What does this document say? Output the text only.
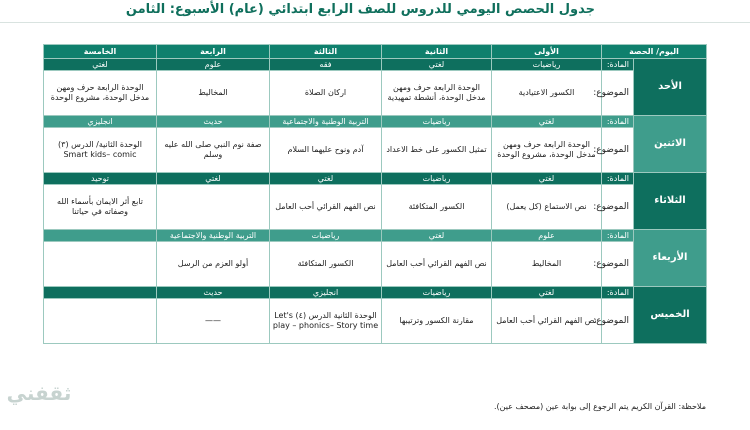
جدول الحصص اليومي للدروس للصف الرابع ابتدائي (عام) الأسبوع: الثامن
اليوم/ الحصة		الأولى	الثانية	الثالثة	الرابعة	الخامسة
الأحد	المادة:	رياضيات	لغتي	فقه	علوم	لغتي
	الموضوع:	الكسور الاعتيادية	الوحدة الرابعة حرف ومهن مدخل الوحدة، أنشطة تمهيدية	اركان الصلاة	المخاليط	الوحدة الرابعة حرف ومهن مدخل الوحدة، مشروع الوحدة
الاثنين	المادة:	لغتي	رياضيات	التربية الوطنية والاجتماعية	حديث	انجليزي
	الموضوع:	الوحدة الرابعة حرف ومهن مدخل الوحدة، مشروع الوحدة	تمثيل الكسور على خط الاعداد	آدم ونوح عليهما السلام	صفة نوم النبي صلى الله عليه وسلم	الوحدة الثانية/ الدرس (٣) Smart kids– comic
الثلاثاء	المادة:	لغتي	رياضيات	لغتي	لغتي	توحيد
	الموضوع:	نص الاستماع (كل يعمل)	الكسور المتكافئة	نص الفهم القرائي أحب العامل		تابع أثر الايمان بأسماء الله وصفاته في حياتنا
الأربعاء	المادة:	علوم	لغتي	رياضيات	التربية الوطنية والاجتماعية	
	الموضوع:	المخاليط	نص الفهم القرائي أحب العامل	الكسور المتكافئة	أولو العزم من الرسل	
الخميس	المادة:	لغتي	رياضيات	انجليزي	حديث	
	الموضوع:	نص الفهم القرائي أحب العامل	مقارنة الكسور وترتيبها	الوحدة الثانية الدرس (٤) Let's play – phonics– Story time	——	
ملاحظة: القرآن الكريم يتم الرجوع إلى بوابة عين (مصحف عين).
ثقفني
